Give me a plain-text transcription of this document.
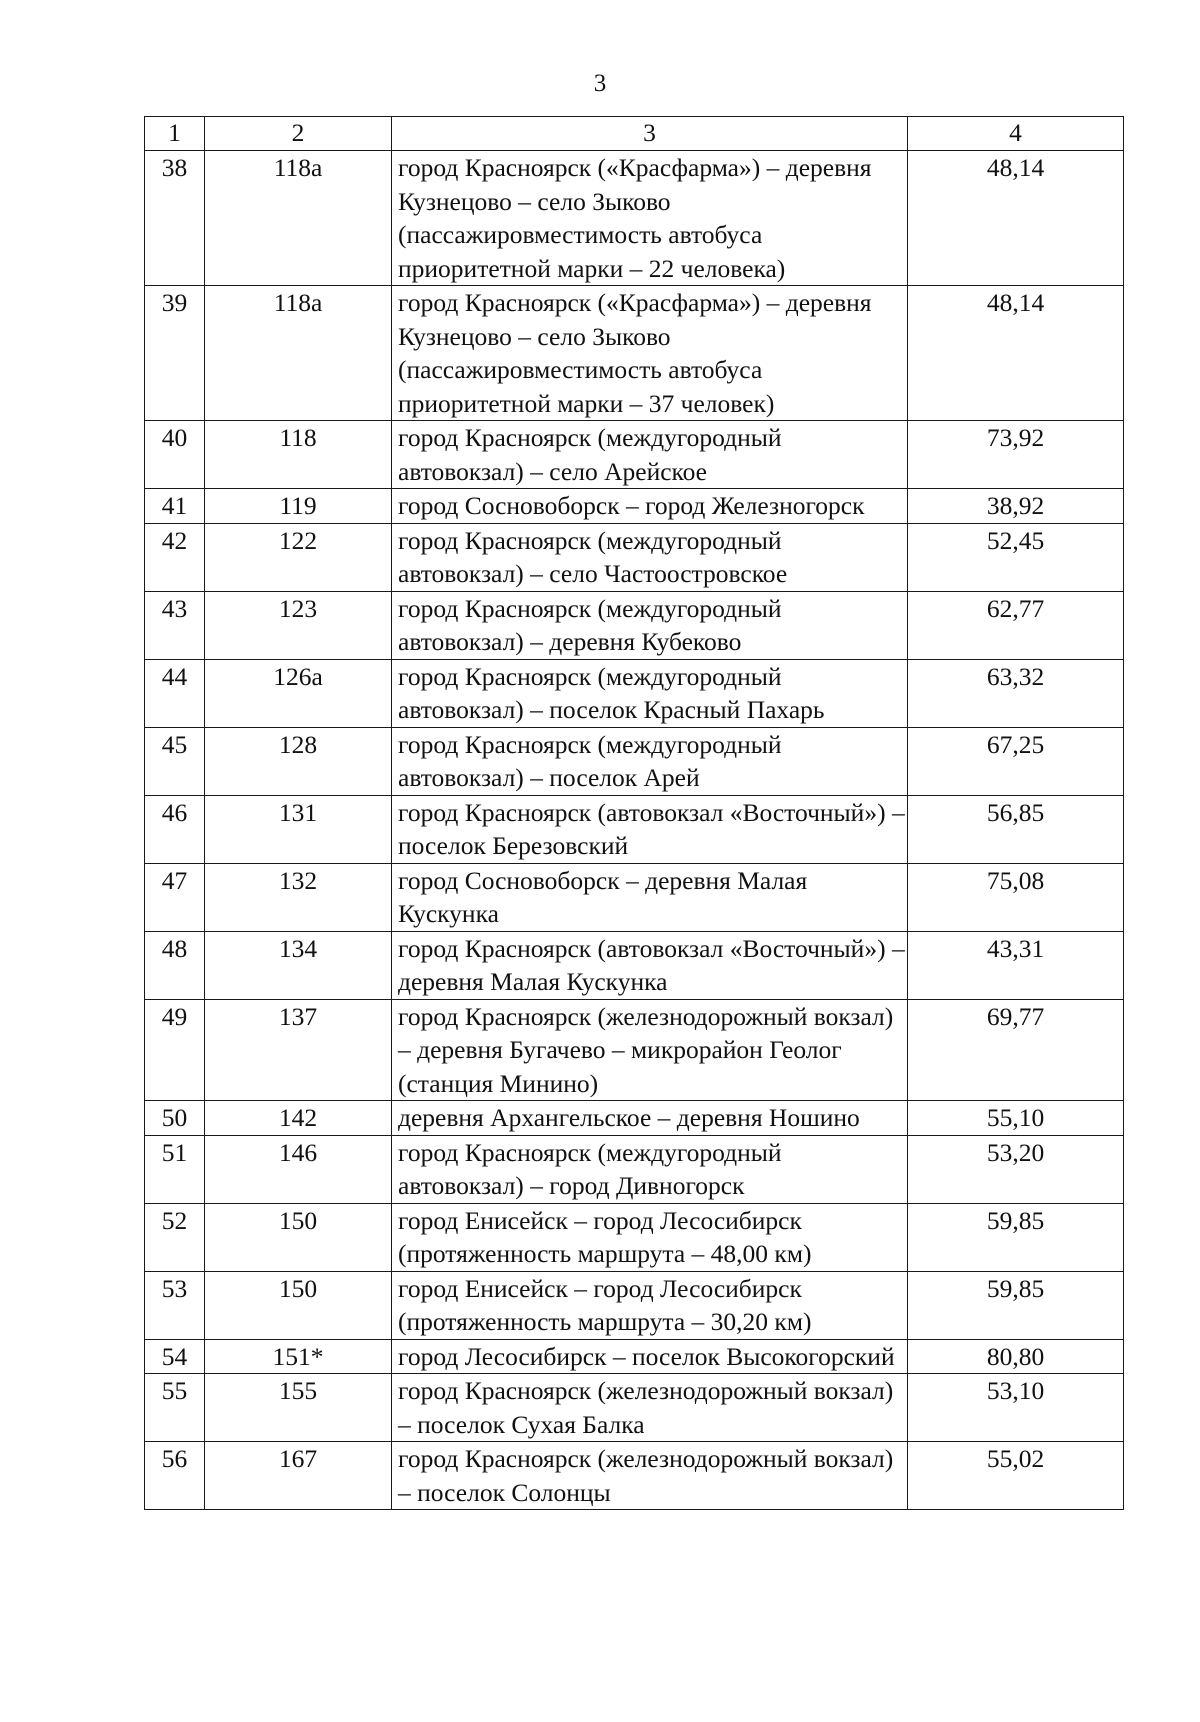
3
1	2	3	4
38	118а	город Красноярск («Красфарма») – деревня Кузнецово – село Зыково (пассажировместимость автобуса приоритетной марки – 22 человека)	48,14
39	118а	город Красноярск («Красфарма») – деревня Кузнецово – село Зыково (пассажировместимость автобуса приоритетной марки – 37 человек)	48,14
40	118	город Красноярск (междугородный автовокзал) – село Арейское	73,92
41	119	город Сосновоборск – город Железногорск	38,92
42	122	город Красноярск (междугородный автовокзал) – село Частоостровское	52,45
43	123	город Красноярск (междугородный автовокзал) – деревня Кубеково	62,77
44	126а	город Красноярск (междугородный автовокзал) – поселок Красный Пахарь	63,32
45	128	город Красноярск (междугородный автовокзал) – поселок Арей	67,25
46	131	город Красноярск (автовокзал «Восточный») – поселок Березовский	56,85
47	132	город Сосновоборск – деревня Малая Кускунка	75,08
48	134	город Красноярск (автовокзал «Восточный») – деревня Малая Кускунка	43,31
49	137	город Красноярск (железнодорожный вокзал) – деревня Бугачево – микрорайон Геолог (станция Минино)	69,77
50	142	деревня Архангельское – деревня Ношино	55,10
51	146	город Красноярск (междугородный автовокзал) – город Дивногорск	53,20
52	150	город Енисейск – город Лесосибирск (протяженность маршрута – 48,00 км)	59,85
53	150	город Енисейск – город Лесосибирск (протяженность маршрута – 30,20 км)	59,85
54	151*	город Лесосибирск – поселок Высокогорский	80,80
55	155	город Красноярск (железнодорожный вокзал) – поселок Сухая Балка	53,10
56	167	город Красноярск (железнодорожный вокзал) – поселок Солонцы	55,02
